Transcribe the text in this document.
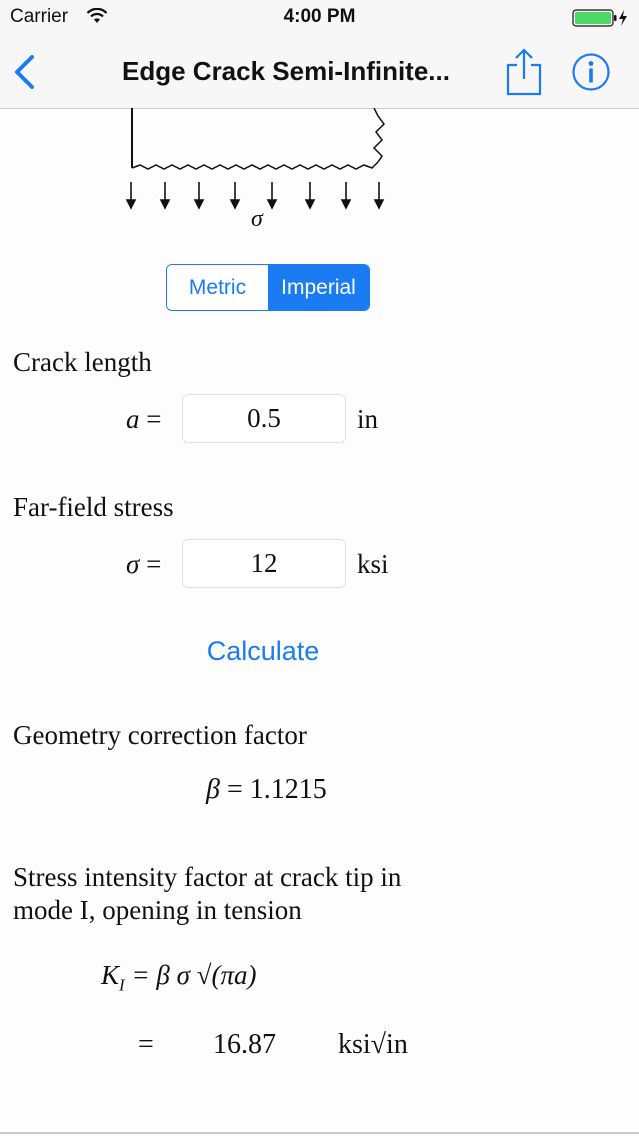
Carrier	4:00 PM
Edge Crack Semi-Infinite...
σ
Metric	Imperial
Crack length
a =
0.5	in
Far-field stress
σ =
12	ksi
Calculate
Geometry correction factor
β = 1.1215
Stress intensity factor at crack tip in
mode I, opening in tension
$K_I = \beta$ σ √(πa)
= 16.87 ksi√in
